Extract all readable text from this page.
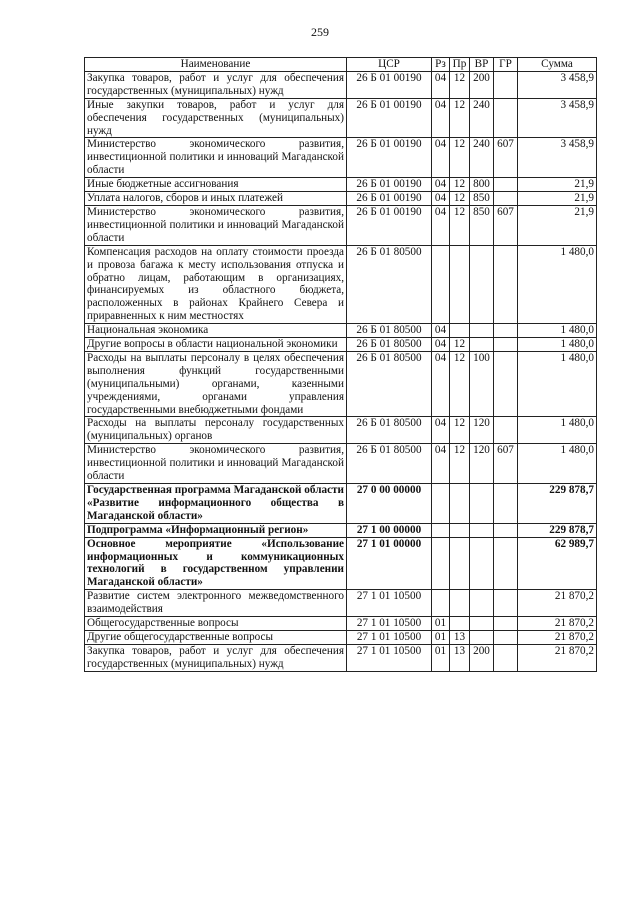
259
Наименование	ЦСР	Рз	Пр	ВР	ГР	Сумма
Закупка товаров, работ и услуг для обеспечения государственных (муниципальных) нужд	26 Б 01 00190	04	12	200		3 458,9
Иные закупки товаров, работ и услуг для обеспечения государственных (муниципальных) нужд	26 Б 01 00190	04	12	240		3 458,9
Министерство экономического развития, инвестиционной политики и инноваций Магаданской области	26 Б 01 00190	04	12	240	607	3 458,9
Иные бюджетные ассигнования	26 Б 01 00190	04	12	800		21,9
Уплата налогов, сборов и иных платежей	26 Б 01 00190	04	12	850		21,9
Министерство экономического развития, инвестиционной политики и инноваций Магаданской области	26 Б 01 00190	04	12	850	607	21,9
Компенсация расходов на оплату стоимости проезда и провоза багажа к месту использования отпуска и обратно лицам, работающим в организациях, финансируемых из областного бюджета, расположенных в районах Крайнего Севера и приравненных к ним местностях	26 Б 01 80500					1 480,0
Национальная экономика	26 Б 01 80500	04				1 480,0
Другие вопросы в области национальной экономики	26 Б 01 80500	04	12			1 480,0
Расходы на выплаты персоналу в целях обеспечения выполнения функций государственными (муниципальными) органами, казенными учреждениями, органами управления государственными внебюджетными фондами	26 Б 01 80500	04	12	100		1 480,0
Расходы на выплаты персоналу государственных (муниципальных) органов	26 Б 01 80500	04	12	120		1 480,0
Министерство экономического развития, инвестиционной политики и инноваций Магаданской области	26 Б 01 80500	04	12	120	607	1 480,0
Государственная программа Магаданской области «Развитие информационного общества в Магаданской области»	27 0 00 00000					229 878,7
Подпрограмма «Информационный регион»	27 1 00 00000					229 878,7
Основное мероприятие «Использование информационных и коммуникационных технологий в государственном управлении Магаданской области»	27 1 01 00000					62 989,7
Развитие систем электронного межведомственного взаимодействия	27 1 01 10500					21 870,2
Общегосударственные вопросы	27 1 01 10500	01				21 870,2
Другие общегосударственные вопросы	27 1 01 10500	01	13			21 870,2
Закупка товаров, работ и услуг для обеспечения государственных (муниципальных) нужд	27 1 01 10500	01	13	200		21 870,2
